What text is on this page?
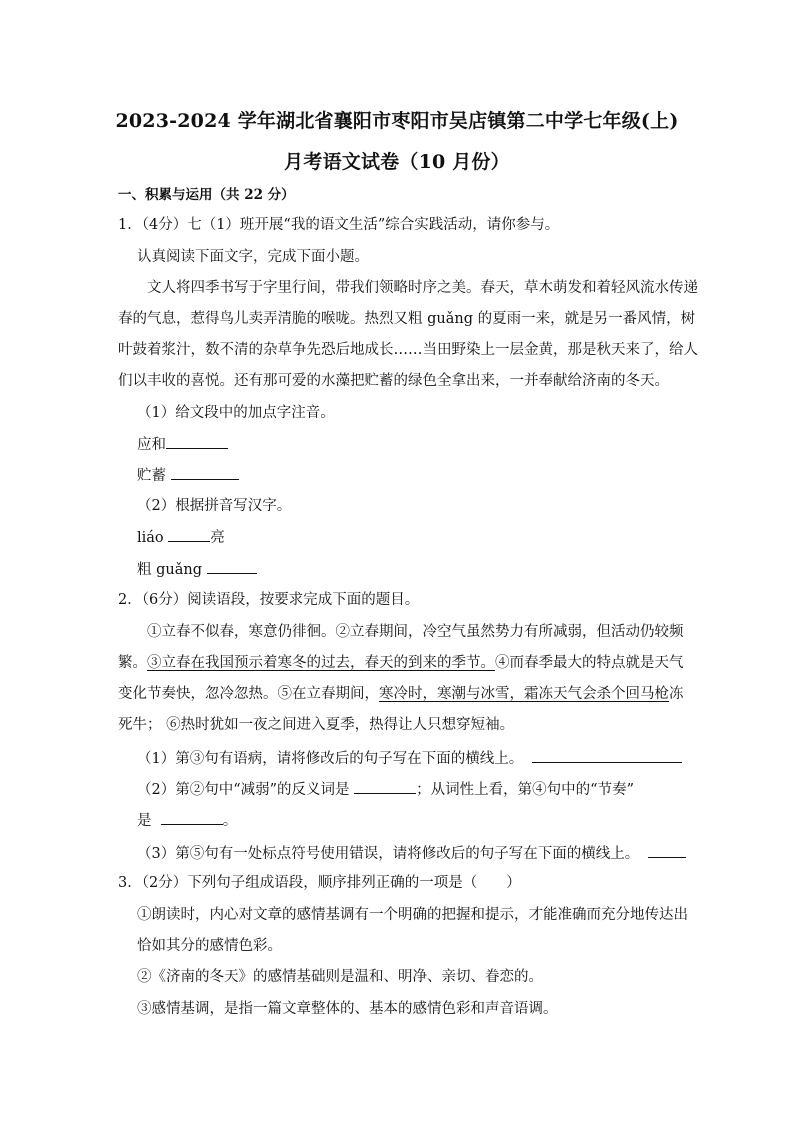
2023-2024 学年湖北省襄阳市枣阳市吴店镇第二中学七年级(上)
月考语文试卷（10 月份）
一、积累与运用（共 22 分）
1．（4分）七（1）班开展“我的语文生活”综合实践活动，请你参与。
认真阅读下面文字，完成下面小题。
文人将四季书写于字里行间，带我们领略时序之美。春天，草木萌发和着轻风流水传递
春的气息，惹得鸟儿卖弄清脆的喉咙。热烈又粗 guǎng 的夏雨一来，就是另一番风情，树
叶鼓着浆汁，数不清的杂草争先恐后地成长……当田野染上一层金黄，那是秋天来了，给人
们以丰收的喜悦。还有那可爱的水藻把贮蓄的绿色全拿出来，一并奉献给济南的冬天。
（1）给文段中的加点字注音。
应和
贮蓄
（2）根据拼音写汉字。
liáo	亮
粗 guǎng
2．（6分）阅读语段，按要求完成下面的题目。
①立春不似春，寒意仍徘徊。②立春期间，冷空气虽然势力有所减弱，但活动仍较频
繁。③立春在我国预示着寒冬的过去，春天的到来的季节。④而春季最大的特点就是天气
变化节奏快，忽冷忽热。⑤在立春期间，寒冷时，寒潮与冰雪，霜冻天气会杀个回马枪冻
死牛； ⑥热时犹如一夜之间进入夏季，热得让人只想穿短袖。
（1）第③句有语病，请将修改后的句子写在下面的横线上。
（2）第②句中“减弱”的反义词是	；从词性上看，第④句中的“节奏”
是	。
（3）第⑤句有一处标点符号使用错误，请将修改后的句子写在下面的横线上。
3．（2分）下列句子组成语段，顺序排列正确的一项是（　　）
①朗读时，内心对文章的感情基调有一个明确的把握和提示，才能准确而充分地传达出
恰如其分的感情色彩。
②《济南的冬天》的感情基础则是温和、明净、亲切、眷恋的。
③感情基调，是指一篇文章整体的、基本的感情色彩和声音语调。
